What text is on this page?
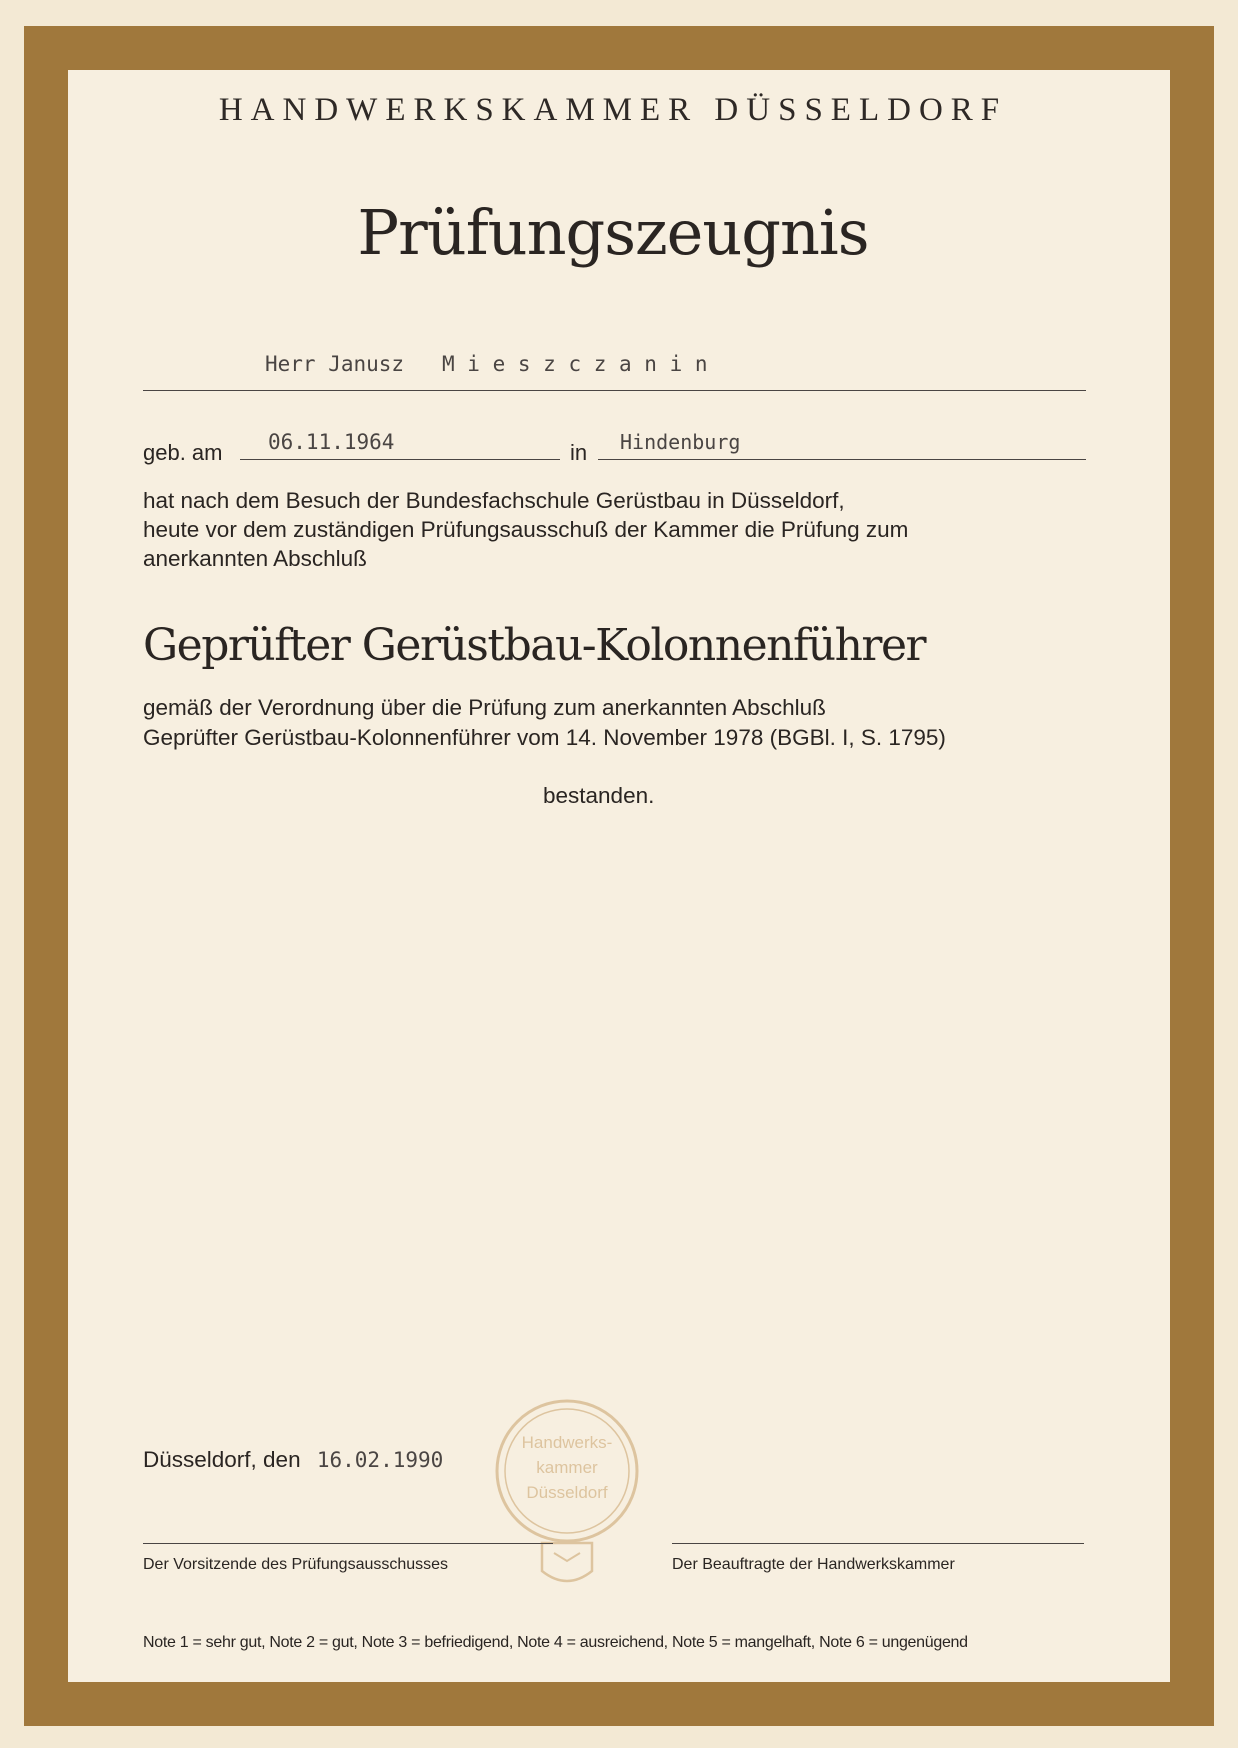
HANDWERKSKAMMER DÜSSELDORF
Prüfungszeugnis
Herr Janusz M i e s z c z a n i n
geb. am 06.11.1964	in Hindenburg
hat nach dem Besuch der Bundesfachschule Gerüstbau in Düsseldorf,
heute vor dem zuständigen Prüfungsausschuß der Kammer die Prüfung zum
anerkannten Abschluß
Geprüfter Gerüstbau-Kolonnenführer
gemäß der Verordnung über die Prüfung zum anerkannten Abschluß
Geprüfter Gerüstbau-Kolonnenführer vom 14. November 1978 (BGBl. I, S. 1795)
bestanden.
Düsseldorf, den 16.02.1990
Handwerks-
kammer
Düsseldorf
Der Vorsitzende des Prüfungsausschusses	Der Beauftragte der Handwerkskammer
Note 1 = sehr gut, Note 2 = gut, Note 3 = befriedigend, Note 4 = ausreichend, Note 5 = mangelhaft, Note 6 = ungenügend
